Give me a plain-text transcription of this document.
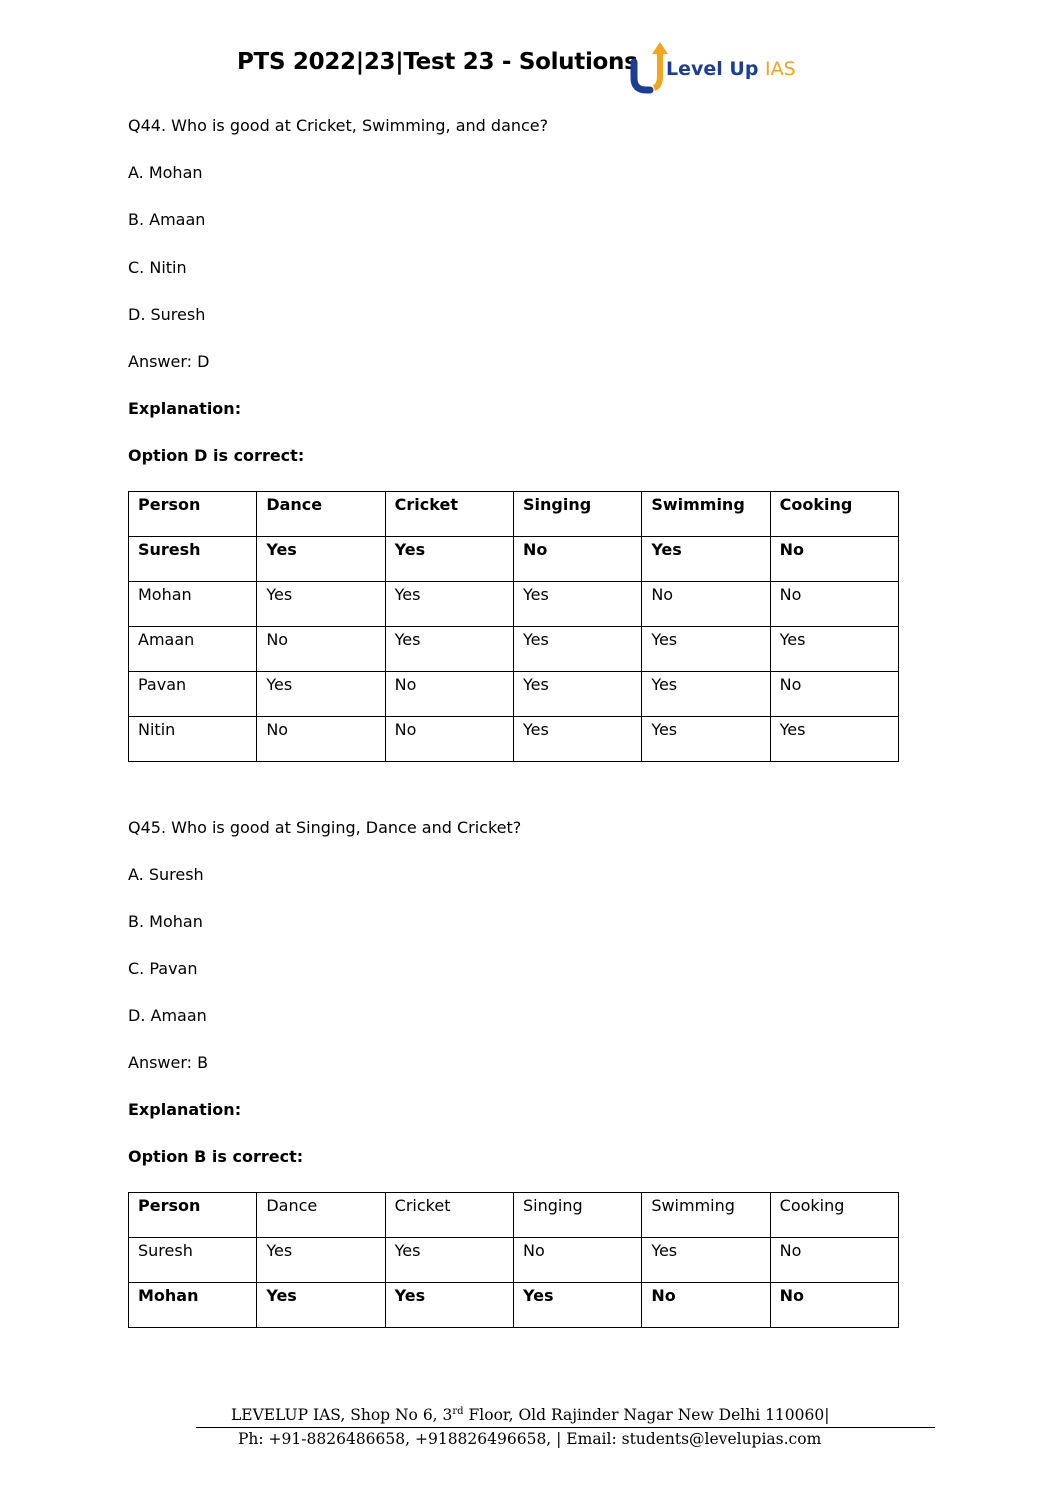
PTS 2022|23|Test 23 - Solutions Level Up IAS
Q44. Who is good at Cricket, Swimming, and dance?
A. Mohan
B. Amaan
C. Nitin
D. Suresh
Answer: D
Explanation:
Option D is correct:
Person	Dance	Cricket	Singing	Swimming	Cooking
Suresh	Yes	Yes	No	Yes	No
Mohan	Yes	Yes	Yes	No	No
Amaan	No	Yes	Yes	Yes	Yes
Pavan	Yes	No	Yes	Yes	No
Nitin	No	No	Yes	Yes	Yes
Q45. Who is good at Singing, Dance and Cricket?
A. Suresh
B. Mohan
C. Pavan
D. Amaan
Answer: B
Explanation:
Option B is correct:
Person	Dance	Cricket	Singing	Swimming	Cooking
Suresh	Yes	Yes	No	Yes	No
Mohan	Yes	Yes	Yes	No	No
LEVELUP IAS, Shop No 6, 3rd Floor, Old Rajinder Nagar New Delhi 110060|
Ph: +91-8826486658, +918826496658, | Email: students@levelupias.com
